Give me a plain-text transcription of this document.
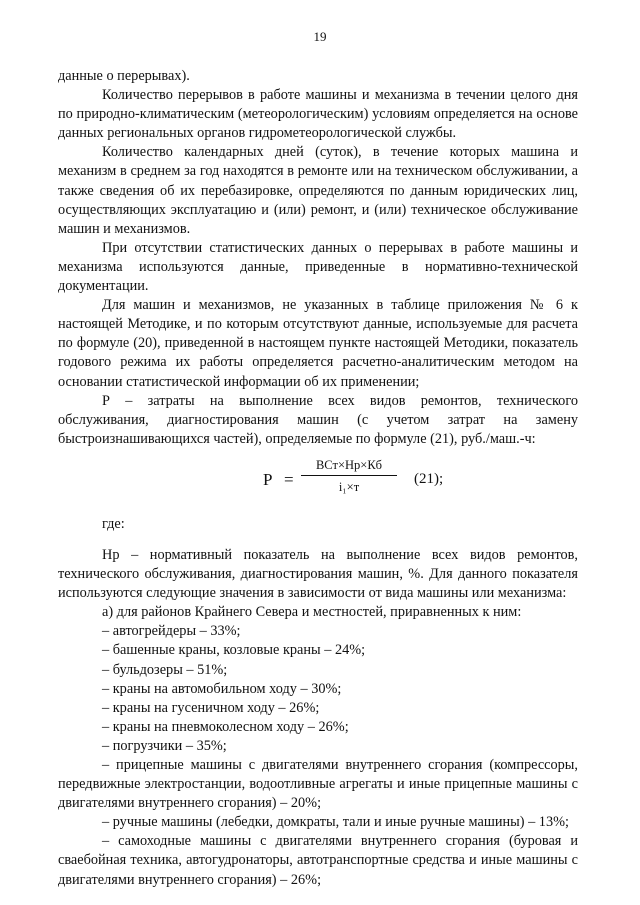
19

данные о перерывах).

Количество перерывов в работе машины и механизма в течении целого дня по природно-климатическим (метеорологическим) условиям определяется на основе данных региональных органов гидрометеорологической службы.

Количество календарных дней (суток), в течение которых машина и механизм в среднем за год находятся в ремонте или на техническом обслуживании, а также сведения об их перебазировке, определяются по данным юридических лиц, осуществляющих эксплуатацию и (или) ремонт, и (или) техническое обслуживание машин и механизмов.

При отсутствии статистических данных о перерывах в работе машины и механизма используются данные, приведенные в нормативно-технической документации.

Для машин и механизмов, не указанных в таблице приложения № 6 к настоящей Методике, и по которым отсутствуют данные, используемые для расчета по формуле (20), приведенной в настоящем пункте настоящей Методики, показатель годового режима их работы определяется расчетно-аналитическим методом на основании статистической информации об их применении;

Р – затраты на выполнение всех видов ремонтов, технического обслуживания, диагностирования машин (с учетом затрат на замену быстроизнашивающихся частей), определяемые по формуле (21), руб./маш.-ч:

Р =
ВСт×Нр×Кб
i₁×т	(21);

где:

Нр – нормативный показатель на выполнение всех видов ремонтов, технического обслуживания, диагностирования машин, %. Для данного показателя используются следующие значения в зависимости от вида машины или механизма:

а) для районов Крайнего Севера и местностей, приравненных к ним:

– автогрейдеры – 33%;

– башенные краны, козловые краны – 24%;

– бульдозеры – 51%;

– краны на автомобильном ходу – 30%;

– краны на гусеничном ходу – 26%;

– краны на пневмоколесном ходу – 26%;

– погрузчики – 35%;

– прицепные машины с двигателями внутреннего сгорания (компрессоры, передвижные электростанции, водоотливные агрегаты и иные прицепные машины с двигателями внутреннего сгорания) – 20%;

– ручные машины (лебедки, домкраты, тали и иные ручные машины) – 13%;

– самоходные машины с двигателями внутреннего сгорания (буровая и сваебойная техника, автогудронаторы, автотранспортные средства и иные машины с двигателями внутреннего сгорания) – 26%;
